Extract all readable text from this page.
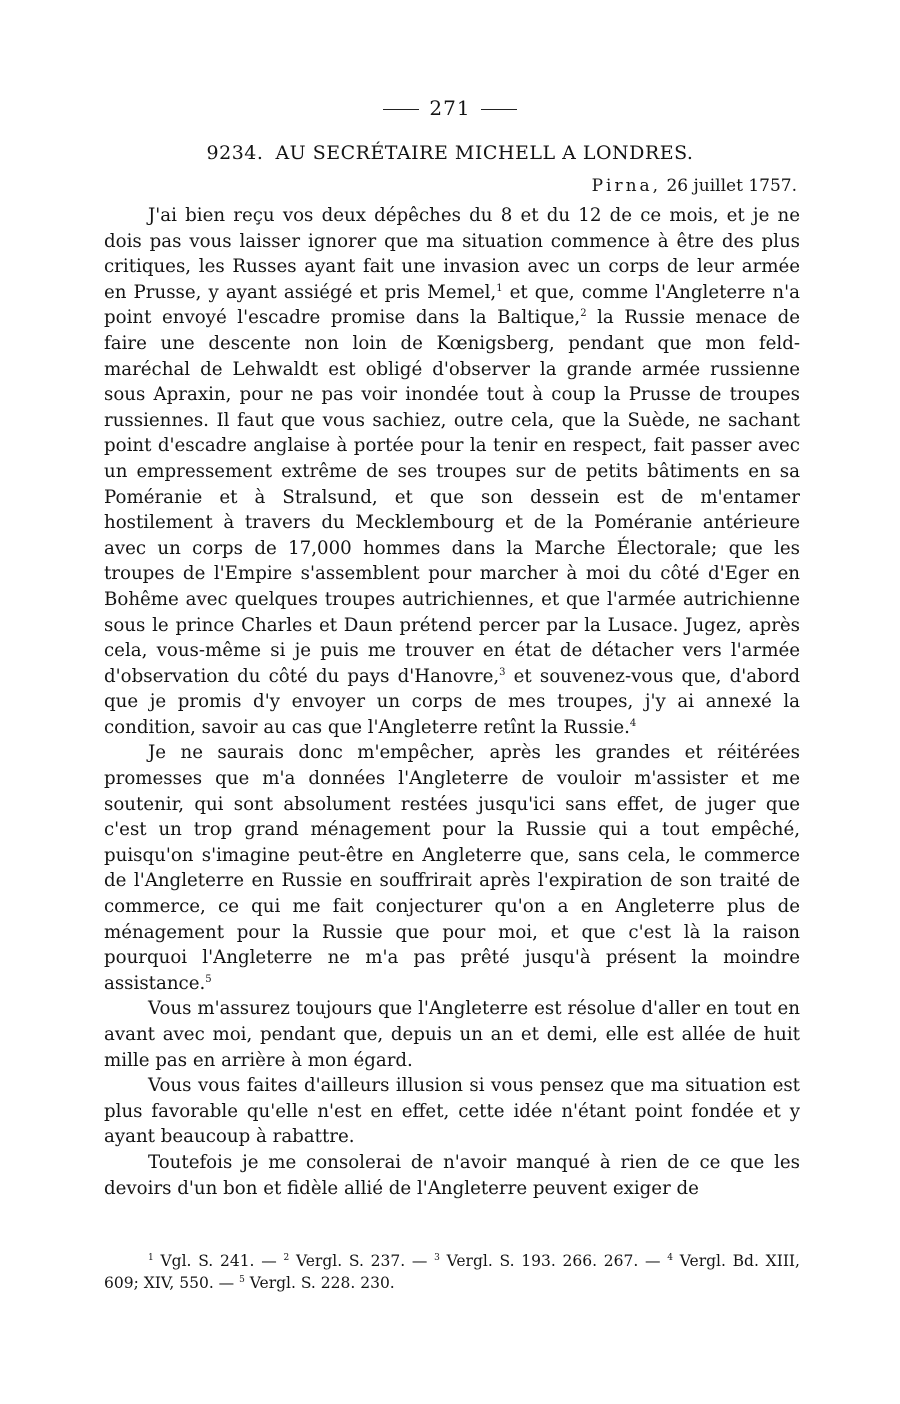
271
9234. AU SECRÉTAIRE MICHELL A LONDRES.
Pirna, 26 juillet 1757.

J'ai bien reçu vos deux dépêches du 8 et du 12 de ce mois, et je ne dois pas vous laisser ignorer que ma situation commence à être des plus critiques, les Russes ayant fait une invasion avec un corps de leur armée en Prusse, y ayant assiégé et pris Memel,$^1$ et que, comme l'Angleterre n'a point envoyé l'escadre promise dans la Baltique,$^2$ la Russie menace de faire une descente non loin de Kœnigsberg, pendant que mon feld-maréchal de Lehwaldt est obligé d'observer la grande armée russienne sous Apraxin, pour ne pas voir inondée tout à coup la Prusse de troupes russiennes. Il faut que vous sachiez, outre cela, que la Suède, ne sachant point d'escadre anglaise à portée pour la tenir en respect, fait passer avec un empressement extrême de ses troupes sur de petits bâtiments en sa Poméranie et à Stralsund, et que son dessein est de m'entamer hostilement à travers du Mecklembourg et de la Poméranie antérieure avec un corps de 17,000 hommes dans la Marche Électorale; que les troupes de l'Empire s'assemblent pour marcher à moi du côté d'Eger en Bohême avec quelques troupes autrichiennes, et que l'armée autrichienne sous le prince Charles et Daun prétend percer par la Lusace. Jugez, après cela, vous-même si je puis me trouver en état de détacher vers l'armée d'observation du côté du pays d'Hanovre,$^3$ et souvenez-vous que, d'abord que je promis d'y envoyer un corps de mes troupes, j'y ai annexé la condition, savoir au cas que l'Angleterre retînt la Russie.$^4$

Je ne saurais donc m'empêcher, après les grandes et réitérées promesses que m'a données l'Angleterre de vouloir m'assister et me soutenir, qui sont absolument restées jusqu'ici sans effet, de juger que c'est un trop grand ménagement pour la Russie qui a tout empêché, puisqu'on s'imagine peut-être en Angleterre que, sans cela, le commerce de l'Angleterre en Russie en souffrirait après l'expiration de son traité de commerce, ce qui me fait conjecturer qu'on a en Angleterre plus de ménagement pour la Russie que pour moi, et que c'est là la raison pourquoi l'Angleterre ne m'a pas prêté jusqu'à présent la moindre assistance.$^5$

Vous m'assurez toujours que l'Angleterre est résolue d'aller en tout en avant avec moi, pendant que, depuis un an et demi, elle est allée de huit mille pas en arrière à mon égard.

Vous vous faites d'ailleurs illusion si vous pensez que ma situation est plus favorable qu'elle n'est en effet, cette idée n'étant point fondée et y ayant beaucoup à rabattre.

Toutefois je me consolerai de n'avoir manqué à rien de ce que les devoirs d'un bon et fidèle allié de l'Angleterre peuvent exiger de

$^1$ Vgl. S. 241. — $^2$ Vergl. S. 237. — $^3$ Vergl. S. 193. 266. 267. — $^4$ Vergl. Bd. XIII, 609; XIV, 550. — $^5$ Vergl. S. 228. 230.
